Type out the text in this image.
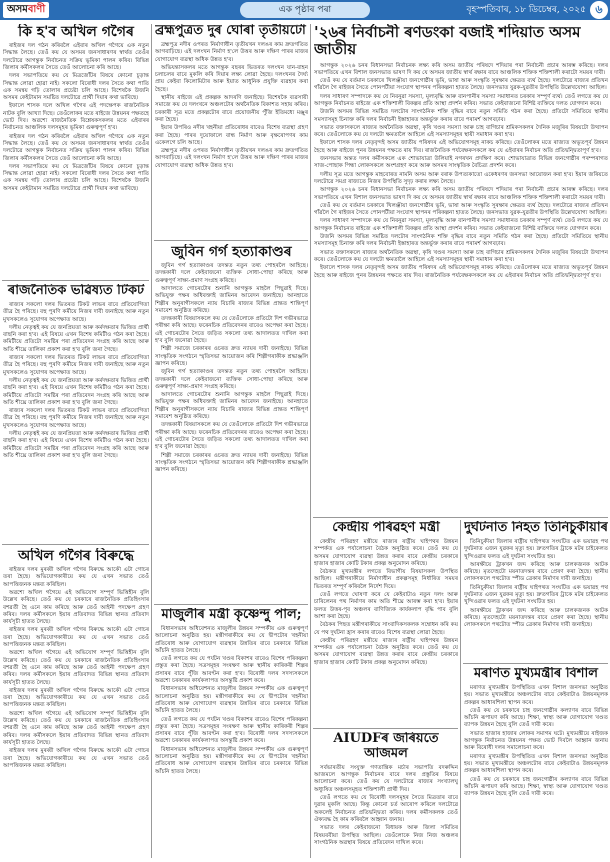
অসমবাণী	এক পৃষ্ঠাৰ পৰা	বৃহস্পতিবাৰ, ১৮ ডিচেম্বৰ, ২০২৫ ৬
কি হ'ব অখিল গগৈৰ

ৰাইজৰ দল গঠন কৰিবলৈ এইবাৰ অখিল গগৈয়ে এক নতুন সিদ্ধান্ত লৈছে। তেওঁ কয় যে অসমৰ জনসাধাৰণৰ স্বাৰ্থত তেওঁৰ দলটোৱে আগন্তুক নিৰ্বাচনত সক্ৰিয় ভূমিকা পালন কৰিব। বিভিন্ন জিলাৰ কৰ্মীসকলৰ সৈতে তেওঁ আলোচনা কৰি আছে।

দলৰ সভাপতিয়ে কয় যে মিত্ৰজোঁটৰ বিষয়ে কোনো চূড়ান্ত সিদ্ধান্ত লোৱা হোৱা নাই। সকলো বিৰোধী দলৰ সৈতে কথা পাতি এক সমন্বয় গঢ়ি তোলাৰ প্ৰচেষ্টা চলি আছে। বিশেষকৈ উজনি অসমৰ কেইটামান সমষ্টিত দলটোৱে প্ৰাৰ্থী দিয়াৰ কথা ভাবিছে।

ইফালে শাসক দলে অখিল গগৈৰ এই পদক্ষেপক ৰাজনৈতিক নাটক বুলি আখ্যা দিছে। তেওঁলোকৰ মতে ৰাইজে উন্নয়নৰ পক্ষতহে ভোট দিব। অৱশ্যে ৰাজনৈতিক বিশ্লেষকসকলৰ মতে এইবাৰৰ নিৰ্বাচনত আঞ্চলিক দলসমূহৰ ভূমিকা গুৰুত্বপূৰ্ণ হ'ব।

ৰাইজৰ দল গঠন কৰিবলৈ এইবাৰ অখিল গগৈয়ে এক নতুন সিদ্ধান্ত লৈছে। তেওঁ কয় যে অসমৰ জনসাধাৰণৰ স্বাৰ্থত তেওঁৰ দলটোৱে আগন্তুক নিৰ্বাচনত সক্ৰিয় ভূমিকা পালন কৰিব। বিভিন্ন জিলাৰ কৰ্মীসকলৰ সৈতে তেওঁ আলোচনা কৰি আছে।

দলৰ সভাপতিয়ে কয় যে মিত্ৰজোঁটৰ বিষয়ে কোনো চূড়ান্ত সিদ্ধান্ত লোৱা হোৱা নাই। সকলো বিৰোধী দলৰ সৈতে কথা পাতি এক সমন্বয় গঢ়ি তোলাৰ প্ৰচেষ্টা চলি আছে। বিশেষকৈ উজনি অসমৰ কেইটামান সমষ্টিত দলটোৱে প্ৰাৰ্থী দিয়াৰ কথা ভাবিছে।

ৰাজনৈতিক ভৱিষ্যত টিকট

ৰাজ্যৰ সকলো দলৰ ভিতৰত টিকট লাভৰ বাবে প্ৰতিযোগিতা তীব্ৰ হৈ পৰিছে। বহু পুৰণি কৰ্মীয়ে নিজৰ দাবী জনাইছে আৰু নতুন মুখসকলেও সুযোগৰ অপেক্ষাত আছে।

দলীয় নেতৃত্বই কয় যে জনপ্ৰিয়তা আৰু কৰ্মদক্ষতাৰ ভিত্তিত প্ৰাৰ্থী বাছনি কৰা হ'ব। এই বিষয়ে এখন বিশেষ কমিটীও গঠন কৰা হৈছে। কমিটীয়ে প্ৰতিটো সমষ্টিৰ পৰা প্ৰতিবেদন সংগ্ৰহ কৰি আছে আৰু অতি শীঘ্ৰে তালিকা প্ৰকাশ কৰা হ'ব বুলি জনা গৈছে।

ৰাজ্যৰ সকলো দলৰ ভিতৰত টিকট লাভৰ বাবে প্ৰতিযোগিতা তীব্ৰ হৈ পৰিছে। বহু পুৰণি কৰ্মীয়ে নিজৰ দাবী জনাইছে আৰু নতুন মুখসকলেও সুযোগৰ অপেক্ষাত আছে।

দলীয় নেতৃত্বই কয় যে জনপ্ৰিয়তা আৰু কৰ্মদক্ষতাৰ ভিত্তিত প্ৰাৰ্থী বাছনি কৰা হ'ব। এই বিষয়ে এখন বিশেষ কমিটীও গঠন কৰা হৈছে। কমিটীয়ে প্ৰতিটো সমষ্টিৰ পৰা প্ৰতিবেদন সংগ্ৰহ কৰি আছে আৰু অতি শীঘ্ৰে তালিকা প্ৰকাশ কৰা হ'ব বুলি জনা গৈছে।

ৰাজ্যৰ সকলো দলৰ ভিতৰত টিকট লাভৰ বাবে প্ৰতিযোগিতা তীব্ৰ হৈ পৰিছে। বহু পুৰণি কৰ্মীয়ে নিজৰ দাবী জনাইছে আৰু নতুন মুখসকলেও সুযোগৰ অপেক্ষাত আছে।

দলীয় নেতৃত্বই কয় যে জনপ্ৰিয়তা আৰু কৰ্মদক্ষতাৰ ভিত্তিত প্ৰাৰ্থী বাছনি কৰা হ'ব। এই বিষয়ে এখন বিশেষ কমিটীও গঠন কৰা হৈছে। কমিটীয়ে প্ৰতিটো সমষ্টিৰ পৰা প্ৰতিবেদন সংগ্ৰহ কৰি আছে আৰু অতি শীঘ্ৰে তালিকা প্ৰকাশ কৰা হ'ব বুলি জনা গৈছে।

অখিল গগৈৰ বিৰুদ্ধে

ৰাইজৰ দলৰ মুৰব্বী অখিল গগৈৰ বিৰুদ্ধে আকৌ এটা গোচৰ তৰা হৈছে। অভিযোগকাৰীয়ে কয় যে এখন সভাত তেওঁ আপত্তিজনক মন্তব্য কৰিছিল।

অৱশ্যে অখিল গগৈয়ে এই অভিযোগ সম্পূৰ্ণ ভিত্তিহীন বুলি উল্লেখ কৰিছে। তেওঁ কয় যে চৰকাৰে ৰাজনৈতিক প্ৰতিহিংসাৰ বশৱৰ্তী হৈ এনে কাম কৰিছে আৰু তেওঁ আইনী পদক্ষেপ গ্ৰহণ কৰিব। দলৰ কৰ্মীসকলে ইয়াৰ প্ৰতিবাদত বিভিন্ন স্থানত প্ৰতিবাদ কাৰ্যসূচী হাতত লৈছে।

ৰাইজৰ দলৰ মুৰব্বী অখিল গগৈৰ বিৰুদ্ধে আকৌ এটা গোচৰ তৰা হৈছে। অভিযোগকাৰীয়ে কয় যে এখন সভাত তেওঁ আপত্তিজনক মন্তব্য কৰিছিল।

অৱশ্যে অখিল গগৈয়ে এই অভিযোগ সম্পূৰ্ণ ভিত্তিহীন বুলি উল্লেখ কৰিছে। তেওঁ কয় যে চৰকাৰে ৰাজনৈতিক প্ৰতিহিংসাৰ বশৱৰ্তী হৈ এনে কাম কৰিছে আৰু তেওঁ আইনী পদক্ষেপ গ্ৰহণ কৰিব। দলৰ কৰ্মীসকলে ইয়াৰ প্ৰতিবাদত বিভিন্ন স্থানত প্ৰতিবাদ কাৰ্যসূচী হাতত লৈছে।

ৰাইজৰ দলৰ মুৰব্বী অখিল গগৈৰ বিৰুদ্ধে আকৌ এটা গোচৰ তৰা হৈছে। অভিযোগকাৰীয়ে কয় যে এখন সভাত তেওঁ আপত্তিজনক মন্তব্য কৰিছিল।

অৱশ্যে অখিল গগৈয়ে এই অভিযোগ সম্পূৰ্ণ ভিত্তিহীন বুলি উল্লেখ কৰিছে। তেওঁ কয় যে চৰকাৰে ৰাজনৈতিক প্ৰতিহিংসাৰ বশৱৰ্তী হৈ এনে কাম কৰিছে আৰু তেওঁ আইনী পদক্ষেপ গ্ৰহণ কৰিব। দলৰ কৰ্মীসকলে ইয়াৰ প্ৰতিবাদত বিভিন্ন স্থানত প্ৰতিবাদ কাৰ্যসূচী হাতত লৈছে।

ৰাইজৰ দলৰ মুৰব্বী অখিল গগৈৰ বিৰুদ্ধে আকৌ এটা গোচৰ তৰা হৈছে। অভিযোগকাৰীয়ে কয় যে এখন সভাত তেওঁ আপত্তিজনক মন্তব্য কৰিছিল।

ব্ৰহ্মপুত্ৰত দুৰ ঘোৰা তৃতীয়টো

ব্ৰহ্মপুত্ৰ নদীৰ ওপৰত নিৰ্মাণাধীন তৃতীয়খন দলঙৰ কাম দ্ৰুতগতিত আগবাঢ়িছে। এই দলংখন নিৰ্মাণ হ'লে উত্তৰ আৰু দক্ষিণ পাৰৰ মাজৰ যোগাযোগ ব্যৱস্থা অধিক উন্নত হ'ব।

অভিযন্তাসকলৰ মতে আগন্তুক বছৰৰ ভিতৰত দলংখন যান-বাহন চলাচলৰ বাবে মুকলি কৰি দিয়াৰ লক্ষ্য লোৱা হৈছে। দলংখনৰ দৈৰ্ঘ্য প্ৰায় কেইবা কিলোমিটাৰ আৰু ইয়াত আধুনিক প্ৰযুক্তি ব্যৱহাৰ কৰা হৈছে।

স্থানীয় ৰাইজে এই প্ৰকল্পক আদৰণি জনাইছে। বিশেষকৈ ব্যৱসায়ী সমাজে কয় যে দলংখনে অঞ্চলটোৰ অৰ্থনৈতিক বিকাশত সহায় কৰিব। চৰকাৰী সূত্ৰ মতে প্ৰকল্পটোৰ বাবে প্ৰয়োজনীয় পুঁজি ইতিমধ্যে মঞ্জুৰ কৰা হৈছে।

ইয়াৰ উপৰিও নদীৰ খহনীয়া প্ৰতিৰোধৰ বাবেও বিশেষ ব্যৱস্থা গ্ৰহণ কৰা হৈছে। পাৰৰ দুয়োফালে বান্ধ নিৰ্মাণ আৰু বৃক্ষৰোপণৰ কাম একেলগে চলি আছে।

ব্ৰহ্মপুত্ৰ নদীৰ ওপৰত নিৰ্মাণাধীন তৃতীয়খন দলঙৰ কাম দ্ৰুতগতিত আগবাঢ়িছে। এই দলংখন নিৰ্মাণ হ'লে উত্তৰ আৰু দক্ষিণ পাৰৰ মাজৰ যোগাযোগ ব্যৱস্থা অধিক উন্নত হ'ব।

জুবিন গৰ্গ হত্যাকাণ্ডৰ

জুবিন গৰ্গ হত্যাকাণ্ডৰ তদন্তত নতুন তথ্য পোহৰলৈ আহিছে। তদন্তকাৰী দলে কেইবাজনো ব্যক্তিক সোধা-পোছা কৰিছে আৰু গুৰুত্বপূৰ্ণ সাক্ষ্য-প্ৰমাণ সংগ্ৰহ কৰিছে।

আদালতে গোচৰটোৰ শুনানি আগন্তুক মাহলৈ পিছুৱাই দিছে। অভিযুক্ত পক্ষৰ অধিবক্তাই জামিনৰ আবেদন জনাইছে। আনহাতে শিল্পীৰ অনুৰাগীসকলে ন্যায় বিচাৰি ৰাজ্যৰ বিভিন্ন প্ৰান্তত শান্তিপূৰ্ণ সমাবেশ অনুষ্ঠিত কৰিছে।

তদন্তকাৰী বিষয়াসকলে কয় যে তেওঁলোকে প্ৰতিটো দিশ গভীৰভাৱে পৰীক্ষা কৰি আছে। ফৰেনচিক প্ৰতিবেদনৰ বাবেও অপেক্ষা কৰা হৈছে। এই গোচৰটোৰ সৈতে জড়িত সকলো তথ্য আদালতত দাখিল কৰা হ'ব বুলি জনোৱা হৈছে।

শিল্পী সমাজে চৰকাৰৰ ওচৰত দ্ৰুত ন্যায়ৰ দাবী জনাইছে। বিভিন্ন সাংস্কৃতিক সংগঠনে স্মৃতিসভা আয়োজন কৰি শিল্পীগৰাকীক শ্ৰদ্ধাঞ্জলি জ্ঞাপন কৰিছে।

জুবিন গৰ্গ হত্যাকাণ্ডৰ তদন্তত নতুন তথ্য পোহৰলৈ আহিছে। তদন্তকাৰী দলে কেইবাজনো ব্যক্তিক সোধা-পোছা কৰিছে আৰু গুৰুত্বপূৰ্ণ সাক্ষ্য-প্ৰমাণ সংগ্ৰহ কৰিছে।

আদালতে গোচৰটোৰ শুনানি আগন্তুক মাহলৈ পিছুৱাই দিছে। অভিযুক্ত পক্ষৰ অধিবক্তাই জামিনৰ আবেদন জনাইছে। আনহাতে শিল্পীৰ অনুৰাগীসকলে ন্যায় বিচাৰি ৰাজ্যৰ বিভিন্ন প্ৰান্তত শান্তিপূৰ্ণ সমাবেশ অনুষ্ঠিত কৰিছে।

তদন্তকাৰী বিষয়াসকলে কয় যে তেওঁলোকে প্ৰতিটো দিশ গভীৰভাৱে পৰীক্ষা কৰি আছে। ফৰেনচিক প্ৰতিবেদনৰ বাবেও অপেক্ষা কৰা হৈছে। এই গোচৰটোৰ সৈতে জড়িত সকলো তথ্য আদালতত দাখিল কৰা হ'ব বুলি জনোৱা হৈছে।

শিল্পী সমাজে চৰকাৰৰ ওচৰত দ্ৰুত ন্যায়ৰ দাবী জনাইছে। বিভিন্ন সাংস্কৃতিক সংগঠনে স্মৃতিসভা আয়োজন কৰি শিল্পীগৰাকীক শ্ৰদ্ধাঞ্জলি জ্ঞাপন কৰিছে।

মাজুলীৰ মন্ত্ৰী কৃষ্ণেন্দু পাল;

বিধানসভাৰ অধিবেশনত মাজুলীৰ উন্নয়ন সম্পৰ্কীয় এক গুৰুত্বপূৰ্ণ আলোচনা অনুষ্ঠিত হয়। মন্ত্ৰীগৰাকীয়ে কয় যে দ্বীপটোৰ খহনীয়া প্ৰতিৰোধ আৰু যোগাযোগ ব্যৱস্থাৰ উন্নতিৰ বাবে চৰকাৰে বিভিন্ন আঁচনি হাতত লৈছে।

তেওঁ লগতে কয় যে পৰ্যটন খণ্ডৰ বিকাশৰ বাবেও বিশেষ পৰিকল্পনা প্ৰস্তুত কৰা হৈছে। সত্ৰসমূহৰ সংৰক্ষণ আৰু স্থানীয় কাৰিকৰী শিল্পৰ প্ৰসাৰৰ বাবে পুঁজি আবণ্টন কৰা হ'ব। বিৰোধী দলৰ সদস্যসকলে অৱশ্যে চৰকাৰৰ কাৰ্যকলাপত অসন্তুষ্টি প্ৰকাশ কৰে।

বিধানসভাৰ অধিবেশনত মাজুলীৰ উন্নয়ন সম্পৰ্কীয় এক গুৰুত্বপূৰ্ণ আলোচনা অনুষ্ঠিত হয়। মন্ত্ৰীগৰাকীয়ে কয় যে দ্বীপটোৰ খহনীয়া প্ৰতিৰোধ আৰু যোগাযোগ ব্যৱস্থাৰ উন্নতিৰ বাবে চৰকাৰে বিভিন্ন আঁচনি হাতত লৈছে।

তেওঁ লগতে কয় যে পৰ্যটন খণ্ডৰ বিকাশৰ বাবেও বিশেষ পৰিকল্পনা প্ৰস্তুত কৰা হৈছে। সত্ৰসমূহৰ সংৰক্ষণ আৰু স্থানীয় কাৰিকৰী শিল্পৰ প্ৰসাৰৰ বাবে পুঁজি আবণ্টন কৰা হ'ব। বিৰোধী দলৰ সদস্যসকলে অৱশ্যে চৰকাৰৰ কাৰ্যকলাপত অসন্তুষ্টি প্ৰকাশ কৰে।

বিধানসভাৰ অধিবেশনত মাজুলীৰ উন্নয়ন সম্পৰ্কীয় এক গুৰুত্বপূৰ্ণ আলোচনা অনুষ্ঠিত হয়। মন্ত্ৰীগৰাকীয়ে কয় যে দ্বীপটোৰ খহনীয়া প্ৰতিৰোধ আৰু যোগাযোগ ব্যৱস্থাৰ উন্নতিৰ বাবে চৰকাৰে বিভিন্ন আঁচনি হাতত লৈছে।

'২৬ৰ নিৰ্বাচনী ৰণডংকা বজাই শদিয়াত অসম জাতীয়

আগন্তুক ২০২৬ চনৰ বিধানসভা নিৰ্বাচনক লক্ষ্য কৰি অসম জাতীয় পৰিষদে শদিয়াৰ পৰা নিৰ্বাচনী প্ৰচাৰ আৰম্ভ কৰিছে। দলৰ সভাপতিয়ে এখন বিশাল জনসভাত ভাষণ দি কয় যে অসমৰ জাতীয় স্বাৰ্থ ৰক্ষাৰ বাবে আঞ্চলিক শক্তিক শক্তিশালী কৰাটো সময়ৰ দাবী।

তেওঁ কয় যে বৰ্তমান চৰকাৰে খিলঞ্জীয়া জনগোষ্ঠীৰ ভূমি, ভাষা আৰু সংস্কৃতি সুৰক্ষাৰ ক্ষেত্ৰত ব্যৰ্থ হৈছে। দলটোৱে ৰাজ্যৰ প্ৰতিখন গাঁৱলৈ গৈ ৰাইজৰ সৈতে পোনপটীয়া সংযোগ স্থাপনৰ পৰিকল্পনা হাতত লৈছে। জনসভাত যুৱক-যুৱতীৰ উপস্থিতি উল্লেখযোগ্য আছিল।

দলৰ সাধাৰণ সম্পাদকে কয় যে নিবনুৱা সমস্যা, মূল্যবৃদ্ধি আৰু বানপানীৰ সমস্যা সমাধানত চৰকাৰ সম্পূৰ্ণ ব্যৰ্থ। তেওঁ লগতে কয় যে আগন্তুক নিৰ্বাচনত ৰাইজে এক শক্তিশালী বিকল্পৰ প্ৰতি আস্থা প্ৰদৰ্শন কৰিব। সভাত কেইবাজনো বিশিষ্ট ব্যক্তিয়ে দলত যোগদান কৰে।

উজনি অসমৰ বিভিন্ন সমষ্টিত দলটোৰ সাংগঠনিক শক্তি বৃদ্ধিৰ বাবে নতুন সমিতি গঠন কৰা হৈছে। প্ৰতিটো সমিতিয়ে স্থানীয় সমস্যাসমূহ চিনাক্ত কৰি দলৰ নিৰ্বাচনী ইস্তাহাৰত অন্তৰ্ভুক্ত কৰাৰ বাবে পৰামৰ্শ আগবঢ়াব।

সভাত বক্তাসকলে ৰাজ্যৰ অৰ্থনৈতিক অৱস্থা, কৃষি খণ্ডৰ সমস্যা আৰু চাহ বাগিচাৰ শ্ৰমিকসকলৰ দৈনিক মজুৰিৰ বিষয়টো উত্থাপন কৰে। তেওঁলোকে কয় যে দলটো ক্ষমতালৈ আহিলে এই সমস্যাসমূহৰ স্থায়ী সমাধান কৰা হ'ব।

ইফালে শাসক দলৰ নেতৃবৃন্দই অসম জাতীয় পৰিষদৰ এই অভিযোগসমূহ নাকচ কৰিছে। তেওঁলোকৰ মতে ৰাজ্যত অভূতপূৰ্ব উন্নয়ন হৈছে আৰু ৰাইজে পুনৰ উন্নয়নৰ পক্ষতে ৰায় দিব। ৰাজনৈতিক পৰ্যবেক্ষকসকলে কয় যে এইবাৰৰ নিৰ্বাচন অতি প্ৰতিদ্বন্দ্বিতাপূৰ্ণ হ'ব।

জনসভাৰ অন্তত দলৰ কৰ্মীসকলে এক শোভাযাত্ৰা উলিয়াই নগৰখন প্ৰদক্ষিণ কৰে। শোভাযাত্ৰাত বিভিন্ন জনগোষ্ঠীৰ পৰম্পৰাগত সাজ-পোছাক পিন্ধা লোকসকলে অংশগ্ৰহণ কৰে আৰু অসমৰ সাংস্কৃতিক বৈচিত্ৰ্য প্ৰদৰ্শন কৰে।

দলীয় সূত্ৰ মতে আগন্তুক মাহবোৰত নামনি অসম আৰু বৰাক উপত্যকাতো একেধৰণৰ জনসভা আয়োজন কৰা হ'ব। ইয়াৰ জৰিয়তে দলটোৱে সমগ্ৰ ৰাজ্যতে নিজৰ উপস্থিতি সুদৃঢ় কৰাৰ লক্ষ্য লৈছে।

আগন্তুক ২০২৬ চনৰ বিধানসভা নিৰ্বাচনক লক্ষ্য কৰি অসম জাতীয় পৰিষদে শদিয়াৰ পৰা নিৰ্বাচনী প্ৰচাৰ আৰম্ভ কৰিছে। দলৰ সভাপতিয়ে এখন বিশাল জনসভাত ভাষণ দি কয় যে অসমৰ জাতীয় স্বাৰ্থ ৰক্ষাৰ বাবে আঞ্চলিক শক্তিক শক্তিশালী কৰাটো সময়ৰ দাবী।

তেওঁ কয় যে বৰ্তমান চৰকাৰে খিলঞ্জীয়া জনগোষ্ঠীৰ ভূমি, ভাষা আৰু সংস্কৃতি সুৰক্ষাৰ ক্ষেত্ৰত ব্যৰ্থ হৈছে। দলটোৱে ৰাজ্যৰ প্ৰতিখন গাঁৱলৈ গৈ ৰাইজৰ সৈতে পোনপটীয়া সংযোগ স্থাপনৰ পৰিকল্পনা হাতত লৈছে। জনসভাত যুৱক-যুৱতীৰ উপস্থিতি উল্লেখযোগ্য আছিল।

দলৰ সাধাৰণ সম্পাদকে কয় যে নিবনুৱা সমস্যা, মূল্যবৃদ্ধি আৰু বানপানীৰ সমস্যা সমাধানত চৰকাৰ সম্পূৰ্ণ ব্যৰ্থ। তেওঁ লগতে কয় যে আগন্তুক নিৰ্বাচনত ৰাইজে এক শক্তিশালী বিকল্পৰ প্ৰতি আস্থা প্ৰদৰ্শন কৰিব। সভাত কেইবাজনো বিশিষ্ট ব্যক্তিয়ে দলত যোগদান কৰে।

উজনি অসমৰ বিভিন্ন সমষ্টিত দলটোৰ সাংগঠনিক শক্তি বৃদ্ধিৰ বাবে নতুন সমিতি গঠন কৰা হৈছে। প্ৰতিটো সমিতিয়ে স্থানীয় সমস্যাসমূহ চিনাক্ত কৰি দলৰ নিৰ্বাচনী ইস্তাহাৰত অন্তৰ্ভুক্ত কৰাৰ বাবে পৰামৰ্শ আগবঢ়াব।

সভাত বক্তাসকলে ৰাজ্যৰ অৰ্থনৈতিক অৱস্থা, কৃষি খণ্ডৰ সমস্যা আৰু চাহ বাগিচাৰ শ্ৰমিকসকলৰ দৈনিক মজুৰিৰ বিষয়টো উত্থাপন কৰে। তেওঁলোকে কয় যে দলটো ক্ষমতালৈ আহিলে এই সমস্যাসমূহৰ স্থায়ী সমাধান কৰা হ'ব।

ইফালে শাসক দলৰ নেতৃবৃন্দই অসম জাতীয় পৰিষদৰ এই অভিযোগসমূহ নাকচ কৰিছে। তেওঁলোকৰ মতে ৰাজ্যত অভূতপূৰ্ব উন্নয়ন হৈছে আৰু ৰাইজে পুনৰ উন্নয়নৰ পক্ষতে ৰায় দিব। ৰাজনৈতিক পৰ্যবেক্ষকসকলে কয় যে এইবাৰৰ নিৰ্বাচন অতি প্ৰতিদ্বন্দ্বিতাপূৰ্ণ হ'ব।

কেন্দ্ৰীয় পৰিৱহণ মন্ত্ৰী

কেন্দ্ৰীয় পৰিৱহণ মন্ত্ৰীয়ে ৰাজ্যৰ ৰাষ্ট্ৰীয় ঘাইপথৰ উন্নয়ন সম্পৰ্কত এক পৰ্যালোচনা বৈঠক অনুষ্ঠিত কৰে। তেওঁ কয় যে অসমৰ যোগাযোগ ব্যৱস্থা উন্নত কৰাৰ বাবে কেন্দ্ৰীয় চৰকাৰে হাজাৰ হাজাৰ কোটি টকাৰ প্ৰকল্প অনুমোদন কৰিছে।

বৈঠকত মুখ্যমন্ত্ৰীৰ লগতে বিভাগীয় বিষয়াসকল উপস্থিত আছিল। মন্ত্ৰীগৰাকীয়ে নিৰ্মাণাধীন প্ৰকল্পসমূহ নিৰ্ধাৰিত সময়ৰ ভিতৰত সম্পূৰ্ণ কৰিবলৈ নিৰ্দেশ দিয়ে।

তেওঁ লগতে ঘোষণা কৰে যে কেইবাটাও নতুন দলং আৰু চাৰিলেনৰ পথ নিৰ্মাণৰ কাম অতি শীঘ্ৰে আৰম্ভ কৰা হ'ব। ইয়াৰ ফলত উত্তৰ-পূব অঞ্চলৰ বাণিজ্যিক কাৰ্যকলাপ বৃদ্ধি পাব বুলি আশা কৰা হৈছে।

বৈঠকৰ পিছত মন্ত্ৰীগৰাকীয়ে সাংবাদিকসকলক সম্বোধন কৰি কয় যে পথ দুৰ্ঘটনা হ্ৰাস কৰাৰ বাবেও বিশেষ ব্যৱস্থা লোৱা হৈছে।

কেন্দ্ৰীয় পৰিৱহণ মন্ত্ৰীয়ে ৰাজ্যৰ ৰাষ্ট্ৰীয় ঘাইপথৰ উন্নয়ন সম্পৰ্কত এক পৰ্যালোচনা বৈঠক অনুষ্ঠিত কৰে। তেওঁ কয় যে অসমৰ যোগাযোগ ব্যৱস্থা উন্নত কৰাৰ বাবে কেন্দ্ৰীয় চৰকাৰে হাজাৰ হাজাৰ কোটি টকাৰ প্ৰকল্প অনুমোদন কৰিছে।

AIUDFৰ জৰিয়তে আজমল

সৰ্বভাৰতীয় সংযুক্ত গণতান্ত্ৰিক মৰ্চাৰ সভাপতি বদৰুদ্দিন আজমলে আগন্তুক নিৰ্বাচনৰ বাবে দলৰ প্ৰস্তুতিৰ বিষয়ে আলোচনা কৰে। তেওঁ কয় যে দলটোৱে ৰাজ্যৰ সংখ্যালঘু অধ্যুষিত অঞ্চলসমূহত শক্তিশালী প্ৰাৰ্থী দিব।

তেওঁ লগতে কয় যে বিৰোধী দলসমূহৰ সৈতে মিত্ৰতাৰ বাবে দুৱাৰ মুকলি আছে। কিন্তু কোনো চৰ্ত আৰোপ কৰিলে দলটোৱে অকলেই নিৰ্বাচনত প্ৰতিদ্বন্দ্বিতা কৰিব। দলৰ কৰ্মীসকলক তেওঁ ঐক্যবদ্ধ হৈ কাম কৰিবলৈ আহ্বান জনায়।

সভাত দলৰ কেইবাজনো বিধায়ক আৰু জিলা সমিতিৰ বিষয়ববীয়া উপস্থিত আছিল। তেওঁলোকে নিজ নিজ অঞ্চলৰ সাংগঠনিক অৱস্থাৰ বিষয়ে প্ৰতিবেদন দাখিল কৰে।

দুৰ্ঘটনাত নিহত তিনিচুকীয়াৰ

তিনিচুকীয়া জিলাৰ ৰাষ্ট্ৰীয় ঘাইপথত সংঘটিত এক ভয়াৱহ পথ দুৰ্ঘটনাত এজন যুৱকৰ মৃত্যু হয়। দ্ৰুতগতিৰ ট্ৰাকে মটৰ চাইকেলত খুন্দিওৱাৰ ফলত এই দুৰ্ঘটনা সংঘটিত হয়।

আৰক্ষীয়ে ট্ৰাকখন জব্দ কৰিছে আৰু চালকজনক আটক কৰিছে। মৃতদেহটো ময়নাতদন্তৰ বাবে প্ৰেৰণ কৰা হৈছে। স্থানীয় লোকসকলে পথটোত স্পীড ব্ৰেকাৰ নিৰ্মাণৰ দাবী জনাইছে।

তিনিচুকীয়া জিলাৰ ৰাষ্ট্ৰীয় ঘাইপথত সংঘটিত এক ভয়াৱহ পথ দুৰ্ঘটনাত এজন যুৱকৰ মৃত্যু হয়। দ্ৰুতগতিৰ ট্ৰাকে মটৰ চাইকেলত খুন্দিওৱাৰ ফলত এই দুৰ্ঘটনা সংঘটিত হয়।

আৰক্ষীয়ে ট্ৰাকখন জব্দ কৰিছে আৰু চালকজনক আটক কৰিছে। মৃতদেহটো ময়নাতদন্তৰ বাবে প্ৰেৰণ কৰা হৈছে। স্থানীয় লোকসকলে পথটোত স্পীড ব্ৰেকাৰ নিৰ্মাণৰ দাবী জনাইছে।

মৰাণত মুখ্যমন্ত্ৰীৰ বিশাল

মৰাণত মুখ্যমন্ত্ৰীৰ উপস্থিতিত এখন বিশাল জনসভা অনুষ্ঠিত হয়। সভাত মুখ্যমন্ত্ৰীয়ে অঞ্চলটোৰ বাবে কেইবাটাও উন্নয়নমূলক প্ৰকল্পৰ আধাৰশিলা স্থাপন কৰে।

তেওঁ কয় যে চৰকাৰে চাহ জনগোষ্ঠীৰ কল্যাণৰ বাবে বিভিন্ন আঁচনি ৰূপায়ণ কৰি আছে। শিক্ষা, স্বাস্থ্য আৰু যোগাযোগ খণ্ডত ব্যাপক উন্নয়ন হৈছে বুলি তেওঁ দাবী কৰে।

সভাত হাজাৰ হাজাৰ লোকৰ সমাগম ঘটে। মুখ্যমন্ত্ৰীয়ে ৰাইজক আগন্তুক নিৰ্বাচনত উন্নয়নৰ পক্ষত ভোট দিবলৈ আহ্বান জনায় আৰু বিৰোধী দলৰ সমালোচনা কৰে।

মৰাণত মুখ্যমন্ত্ৰীৰ উপস্থিতিত এখন বিশাল জনসভা অনুষ্ঠিত হয়। সভাত মুখ্যমন্ত্ৰীয়ে অঞ্চলটোৰ বাবে কেইবাটাও উন্নয়নমূলক প্ৰকল্পৰ আধাৰশিলা স্থাপন কৰে।

তেওঁ কয় যে চৰকাৰে চাহ জনগোষ্ঠীৰ কল্যাণৰ বাবে বিভিন্ন আঁচনি ৰূপায়ণ কৰি আছে। শিক্ষা, স্বাস্থ্য আৰু যোগাযোগ খণ্ডত ব্যাপক উন্নয়ন হৈছে বুলি তেওঁ দাবী কৰে।
